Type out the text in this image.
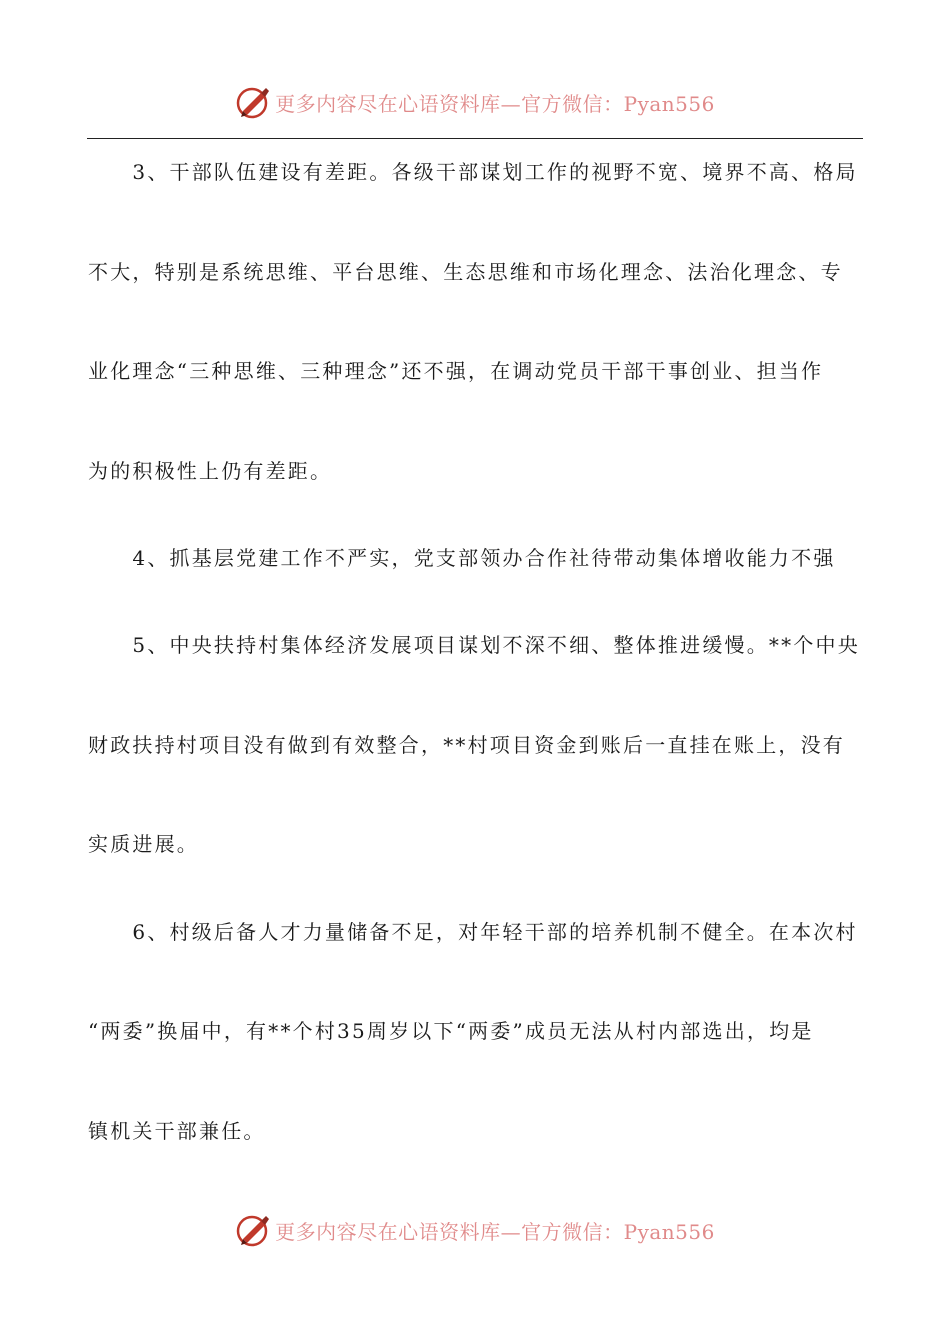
更多内容尽在心语资料库—官方微信：Pyan556
　　3、干部队伍建设有差距。各级干部谋划工作的视野不宽、境界不高、格局
不大，特别是系统思维、平台思维、生态思维和市场化理念、法治化理念、专
业化理念“三种思维、三种理念”还不强，在调动党员干部干事创业、担当作
为的积极性上仍有差距。
　　4、抓基层党建工作不严实，党支部领办合作社待带动集体增收能力不强
　　5、中央扶持村集体经济发展项目谋划不深不细、整体推进缓慢。**个中央
财政扶持村项目没有做到有效整合，**村项目资金到账后一直挂在账上，没有
实质进展。
　　6、村级后备人才力量储备不足，对年轻干部的培养机制不健全。在本次村
“两委”换届中，有**个村35周岁以下“两委”成员无法从村内部选出，均是
镇机关干部兼任。
更多内容尽在心语资料库—官方微信：Pyan556
